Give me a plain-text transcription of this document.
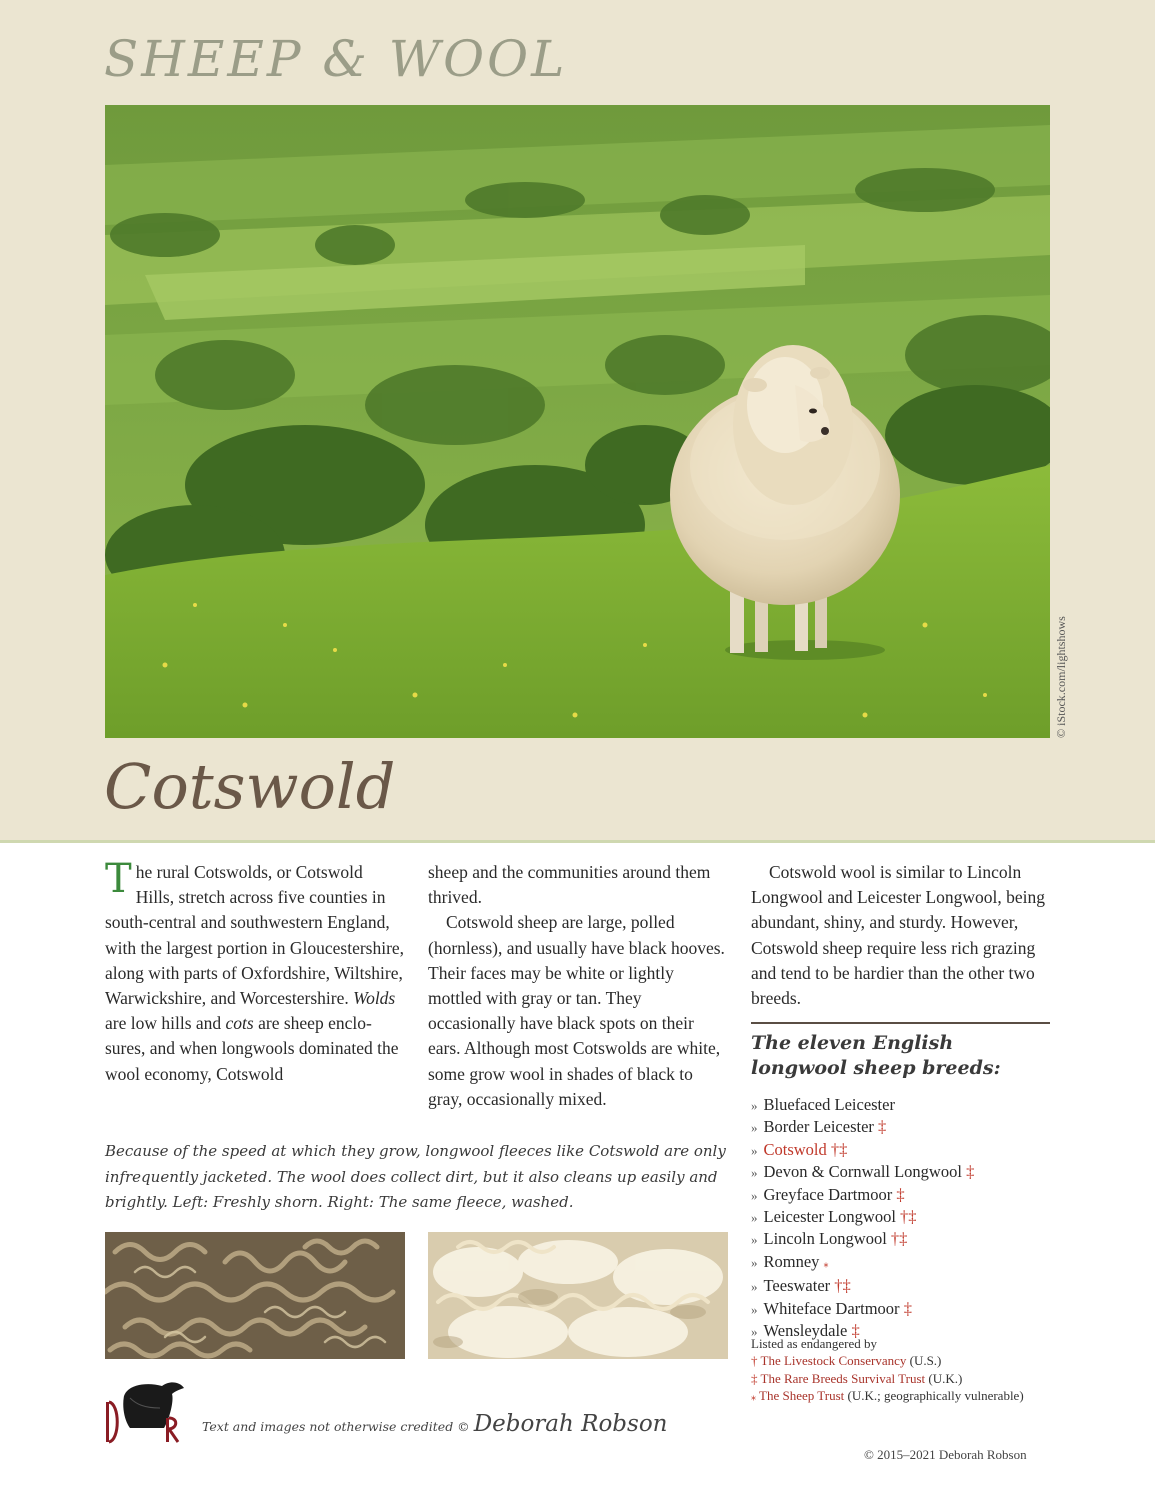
SHEEP & WOOL
© iStock.com/lightshows
Cotswold

The rural Cotswolds, or Cotswold Hills, stretch across five counties in south-central and southwestern England, with the largest portion in Gloucestershire, along with parts of Oxfordshire, Wiltshire, Warwickshire, and Worcestershire. Wolds are low hills and cots are sheep enclosures, and when longwools dominated the wool economy, Cotswold

sheep and the communities around them thrived.

Cotswold sheep are large, polled (hornless), and usually have black hooves. Their faces may be white or lightly mottled with gray or tan. They occasionally have black spots on their ears. Although most Cotswolds are white, some grow wool in shades of black to gray, occasionally mixed.

Cotswold wool is similar to Lincoln Longwool and Leicester Longwool, being abundant, shiny, and sturdy. However, Cotswold sheep require less rich grazing and tend to be hardier than the other two breeds.

The eleven English longwool sheep breeds:
» Bluefaced Leicester
» Border Leicester ‡
» Cotswold †‡
» Devon & Cornwall Longwool ‡
» Greyface Dartmoor ‡
» Leicester Longwool †‡
» Lincoln Longwool †‡
» Romney ⁎
» Teeswater †‡
» Whiteface Dartmoor ‡
» Wensleydale ‡
Listed as endangered by
† The Livestock Conservancy (U.S.)
‡ The Rare Breeds Survival Trust (U.K.)
⁎ The Sheep Trust (U.K.; geographically vulnerable)
Because of the speed at which they grow, longwool fleeces like Cotswold are only infrequently jacketed. The wool does collect dirt, but it also cleans up easily and brightly. Left: Freshly shorn. Right: The same fleece, washed.
Text and images not otherwise credited © Deborah Robson
© 2015–2021 Deborah Robson
